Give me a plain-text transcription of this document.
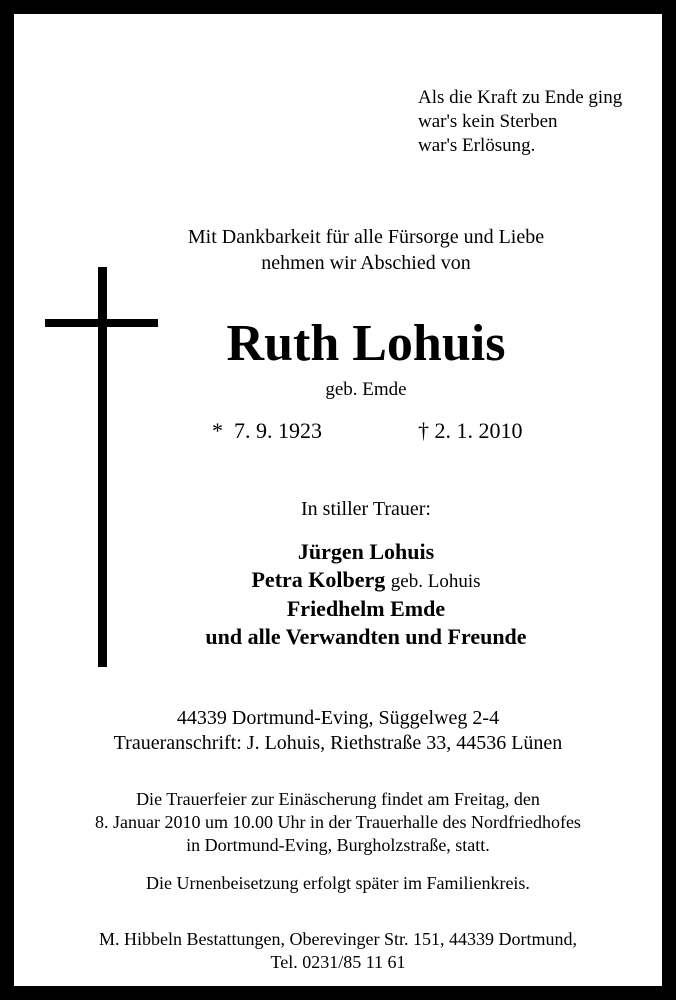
Als die Kraft zu Ende ging
war's kein Sterben
war's Erlösung.
Mit Dankbarkeit für alle Fürsorge und Liebe
nehmen wir Abschied von
Ruth Lohuis
geb. Emde
* 7. 9. 1923	† 2. 1. 2010
In stiller Trauer:
Jürgen Lohuis
Petra Kolberg geb. Lohuis
Friedhelm Emde
und alle Verwandten und Freunde
44339 Dortmund-Eving, Süggelweg 2-4
Traueranschrift: J. Lohuis, Riethstraße 33, 44536 Lünen
Die Trauerfeier zur Einäscherung findet am Freitag, den
8. Januar 2010 um 10.00 Uhr in der Trauerhalle des Nordfriedhofes
in Dortmund-Eving, Burgholzstraße, statt.
Die Urnenbeisetzung erfolgt später im Familienkreis.
M. Hibbeln Bestattungen, Oberevinger Str. 151, 44339 Dortmund,
Tel. 0231/85 11 61
